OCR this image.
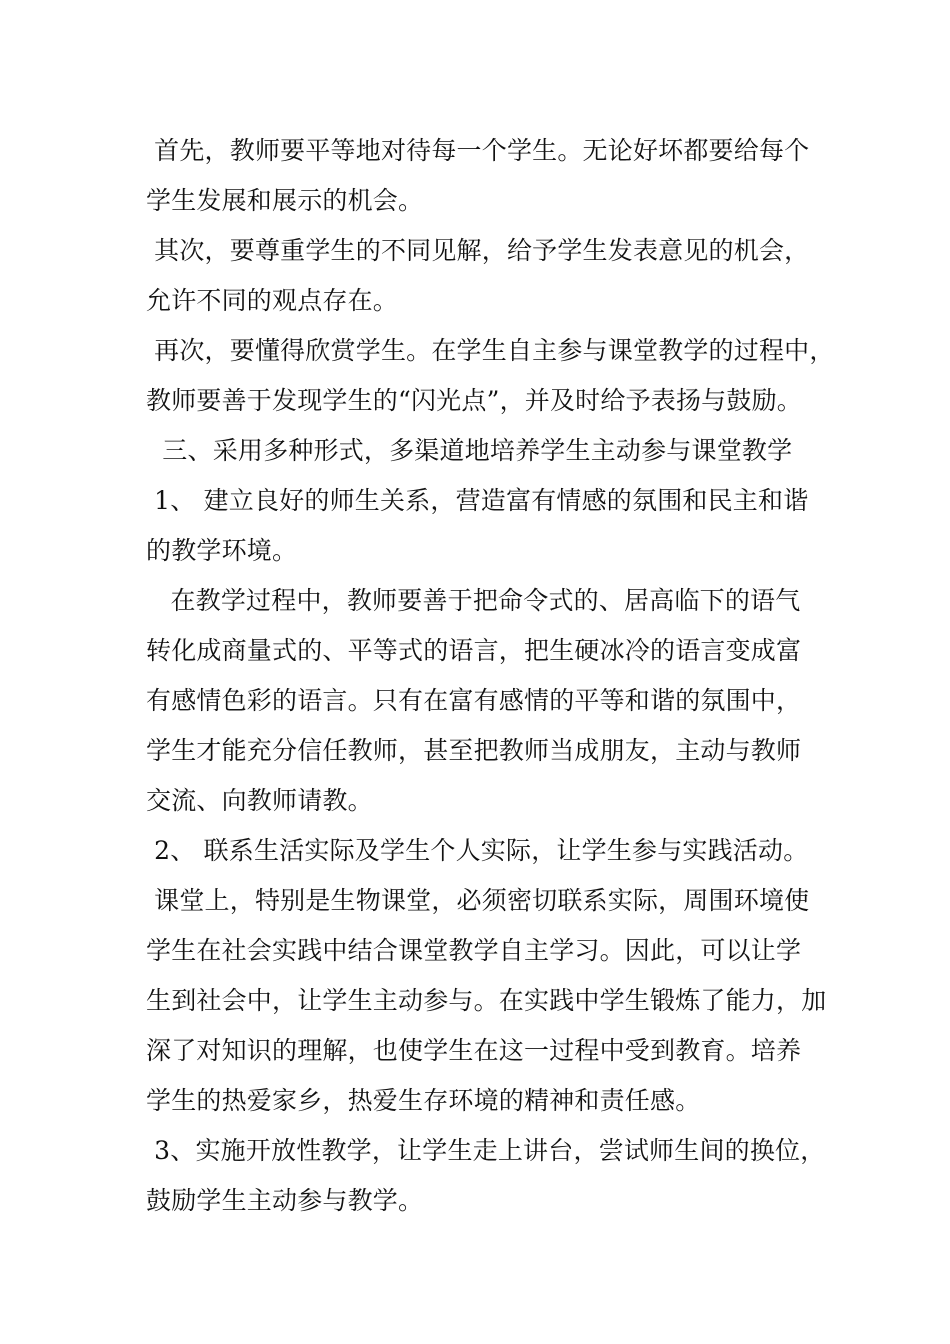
首先，教师要平等地对待每一个学生。无论好坏都要给每个
学生发展和展示的机会。
其次，要尊重学生的不同见解，给予学生发表意见的机会，
允许不同的观点存在。
再次，要懂得欣赏学生。在学生自主参与课堂教学的过程中，
教师要善于发现学生的“闪光点”，并及时给予表扬与鼓励。
三、采用多种形式，多渠道地培养学生主动参与课堂教学
1、 建立良好的师生关系，营造富有情感的氛围和民主和谐
的教学环境。
在教学过程中，教师要善于把命令式的、居高临下的语气
转化成商量式的、平等式的语言，把生硬冰冷的语言变成富
有感情色彩的语言。只有在富有感情的平等和谐的氛围中，
学生才能充分信任教师，甚至把教师当成朋友，主动与教师
交流、向教师请教。
2、 联系生活实际及学生个人实际，让学生参与实践活动。
课堂上，特别是生物课堂，必须密切联系实际，周围环境使
学生在社会实践中结合课堂教学自主学习。因此，可以让学
生到社会中，让学生主动参与。在实践中学生锻炼了能力，加
深了对知识的理解，也使学生在这一过程中受到教育。培养
学生的热爱家乡，热爱生存环境的精神和责任感。
3、实施开放性教学，让学生走上讲台，尝试师生间的换位，
鼓励学生主动参与教学。
